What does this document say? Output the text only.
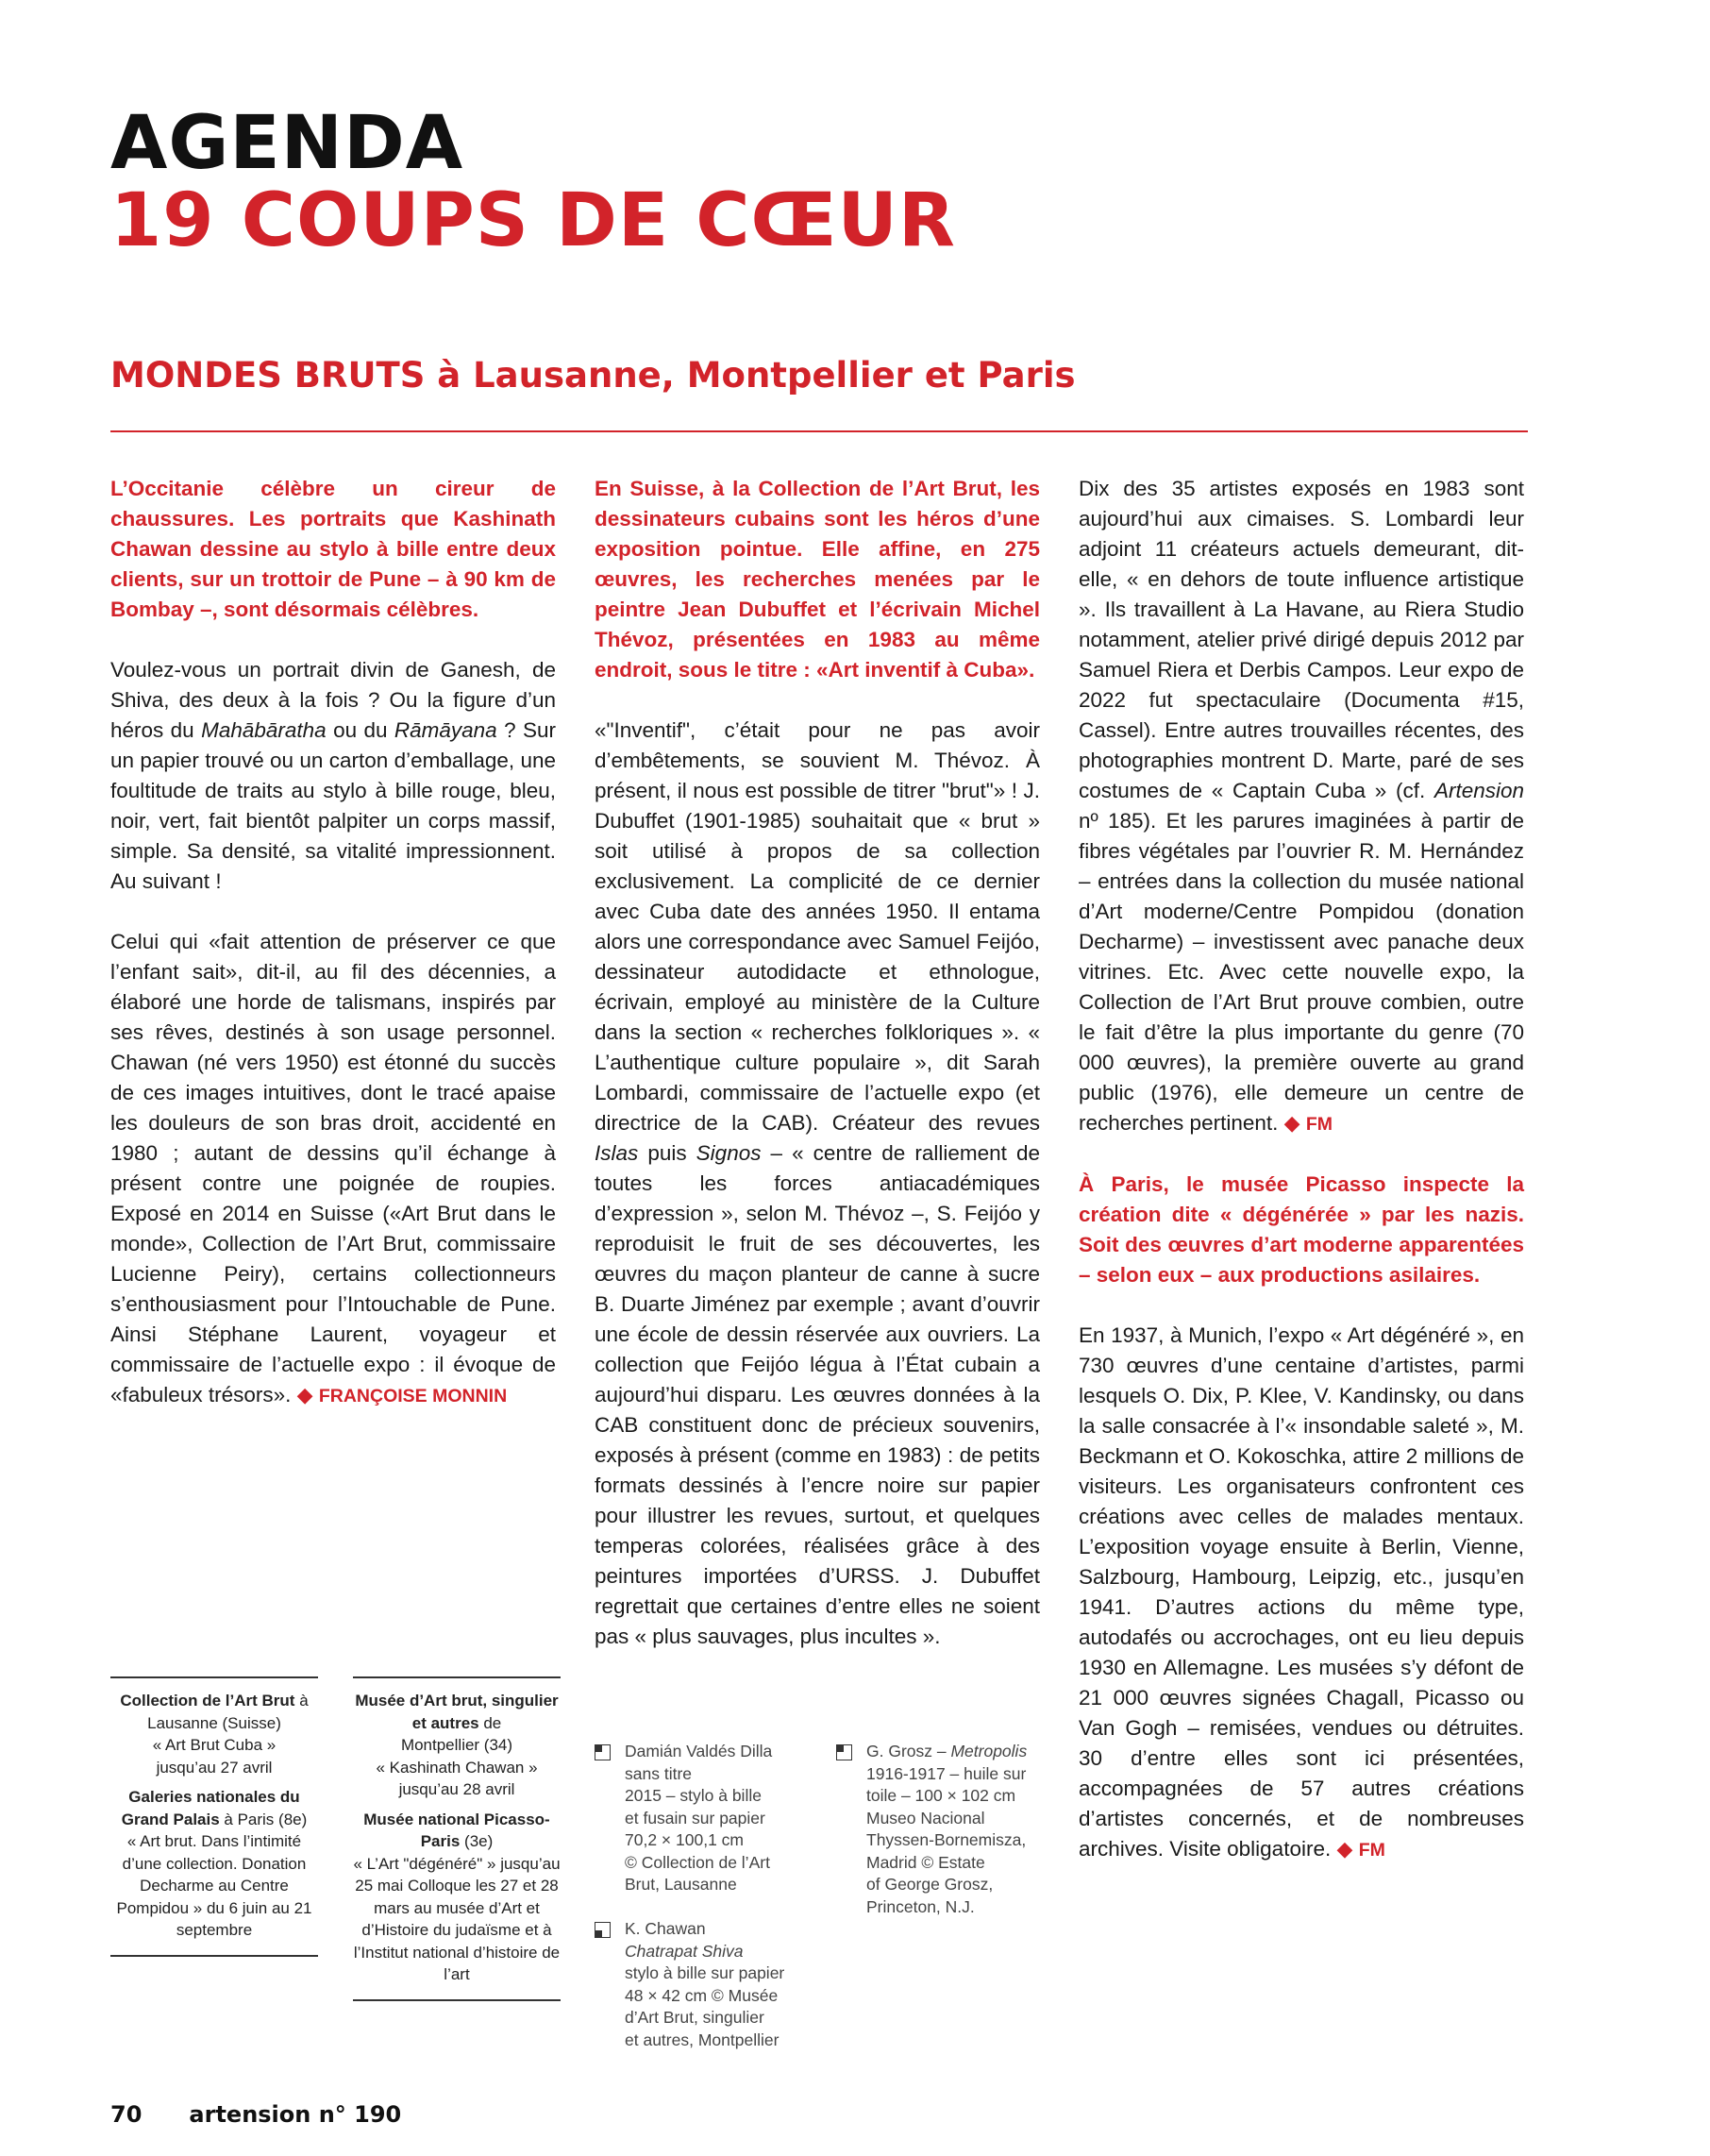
AGENDA
19 COUPS DE CŒUR
MONDES BRUTS à Lausanne, Montpellier et Paris

L’Occitanie célèbre un cireur de chaussures. Les portraits que Kashinath Chawan dessine au stylo à bille entre deux clients, sur un trottoir de Pune – à 90 km de Bombay –, sont désormais célèbres.

Voulez-vous un portrait divin de Ganesh, de Shiva, des deux à la fois ? Ou la figure d’un héros du Mahābāratha ou du Rāmāyana ? Sur un papier trouvé ou un carton d’emballage, une foultitude de traits au stylo à bille rouge, bleu, noir, vert, fait bientôt palpiter un corps massif, simple. Sa densité, sa vitalité impressionnent. Au suivant !

Celui qui «fait attention de préserver ce que l’enfant sait», dit-il, au fil des décennies, a élaboré une horde de talismans, inspirés par ses rêves, destinés à son usage personnel. Chawan (né vers 1950) est étonné du succès de ces images intuitives, dont le tracé apaise les douleurs de son bras droit, accidenté en 1980 ; autant de dessins qu’il échange à présent contre une poignée de roupies. Exposé en 2014 en Suisse («Art Brut dans le monde», Collection de l’Art Brut, commissaire Lucienne Peiry), certains collectionneurs s’enthousiasment pour l’Intouchable de Pune. Ainsi Stéphane Laurent, voyageur et commissaire de l’actuelle expo : il évoque de «fabuleux trésors». ◆ FRANÇOISE MONNIN

En Suisse, à la Collection de l’Art Brut, les dessinateurs cubains sont les héros d’une exposition pointue. Elle affine, en 275 œuvres, les recherches menées par le peintre Jean Dubuffet et l’écrivain Michel Thévoz, présentées en 1983 au même endroit, sous le titre : «Art inventif à Cuba».

«"Inventif", c’était pour ne pas avoir d’embêtements, se souvient M. Thévoz. À présent, il nous est possible de titrer "brut"» ! J. Dubuffet (1901-1985) souhaitait que « brut » soit utilisé à propos de sa collection exclusivement. La complicité de ce dernier avec Cuba date des années 1950. Il entama alors une correspondance avec Samuel Feijóo, dessinateur autodidacte et ethnologue, écrivain, employé au ministère de la Culture dans la section « recherches folkloriques ». « L’authentique culture populaire », dit Sarah Lombardi, commissaire de l’actuelle expo (et directrice de la CAB). Créateur des revues Islas puis Signos – « centre de ralliement de toutes les forces antiacadémiques d’expression », selon M. Thévoz –, S. Feijóo y reproduisit le fruit de ses découvertes, les œuvres du maçon planteur de canne à sucre B. Duarte Jiménez par exemple ; avant d’ouvrir une école de dessin réservée aux ouvriers. La collection que Feijóo légua à l’État cubain a aujourd’hui disparu. Les œuvres données à la CAB constituent donc de précieux souvenirs, exposés à présent (comme en 1983) : de petits formats dessinés à l’encre noire sur papier pour illustrer les revues, surtout, et quelques temperas colorées, réalisées grâce à des peintures importées d’URSS. J. Dubuffet regrettait que certaines d’entre elles ne soient pas « plus sauvages, plus incultes ».

Dix des 35 artistes exposés en 1983 sont aujourd’hui aux cimaises. S. Lombardi leur adjoint 11 créateurs actuels demeurant, dit-elle, « en dehors de toute influence artistique ». Ils travaillent à La Havane, au Riera Studio notamment, atelier privé dirigé depuis 2012 par Samuel Riera et Derbis Campos. Leur expo de 2022 fut spectaculaire (Documenta #15, Cassel). Entre autres trouvailles récentes, des photographies montrent D. Marte, paré de ses costumes de « Captain Cuba » (cf. Artension nº 185). Et les parures imaginées à partir de fibres végétales par l’ouvrier R. M. Hernández – entrées dans la collection du musée national d’Art moderne/Centre Pompidou (donation Decharme) – investissent avec panache deux vitrines. Etc. Avec cette nouvelle expo, la Collection de l’Art Brut prouve combien, outre le fait d’être la plus importante du genre (70 000 œuvres), la première ouverte au grand public (1976), elle demeure un centre de recherches pertinent. ◆ FM

À Paris, le musée Picasso inspecte la création dite « dégénérée » par les nazis. Soit des œuvres d’art moderne apparentées – selon eux – aux productions asilaires.

En 1937, à Munich, l’expo « Art dégénéré », en 730 œuvres d’une centaine d’artistes, parmi lesquels O. Dix, P. Klee, V. Kandinsky, ou dans la salle consacrée à l’« insondable saleté », M. Beckmann et O. Kokoschka, attire 2 millions de visiteurs. Les organisateurs confrontent ces créations avec celles de malades mentaux. L’exposition voyage ensuite à Berlin, Vienne, Salzbourg, Hambourg, Leipzig, etc., jusqu’en 1941. D’autres actions du même type, autodafés ou accrochages, ont eu lieu depuis 1930 en Allemagne. Les musées s’y défont de 21 000 œuvres signées Chagall, Picasso ou Van Gogh – remisées, vendues ou détruites. 30 d’entre elles sont ici présentées, accompagnées de 57 autres créations d’artistes concernés, et de nombreuses archives. Visite obligatoire. ◆ FM

Collection de l’Art Brut à
Lausanne (Suisse)
« Art Brut Cuba »
jusqu’au 27 avril
Galeries nationales du Grand Palais à Paris (8e)
« Art brut. Dans l’intimité d’une collection. Donation Decharme au Centre Pompidou » du 6 juin au 21 septembre
Musée d’Art brut, singulier et autres de
Montpellier (34)
« Kashinath Chawan »
jusqu’au 28 avril
Musée national Picasso-Paris (3e)
« L’Art "dégénéré" » jusqu’au 25 mai Colloque les 27 et 28 mars au musée d’Art et d’Histoire du judaïsme et à l’Institut national d’histoire de l’art
Damián Valdés Dilla
sans titre
2015 – stylo à bille
et fusain sur papier
70,2 × 100,1 cm
© Collection de l’Art
Brut, Lausanne
K. Chawan
Chatrapat Shiva
stylo à bille sur papier
48 × 42 cm © Musée
d’Art Brut, singulier
et autres, Montpellier
G. Grosz – Metropolis
1916-1917 – huile sur
toile – 100 × 102 cm
Museo Nacional
Thyssen-Bornemisza,
Madrid © Estate
of George Grosz,
Princeton, N.J.
70 artension n° 190
